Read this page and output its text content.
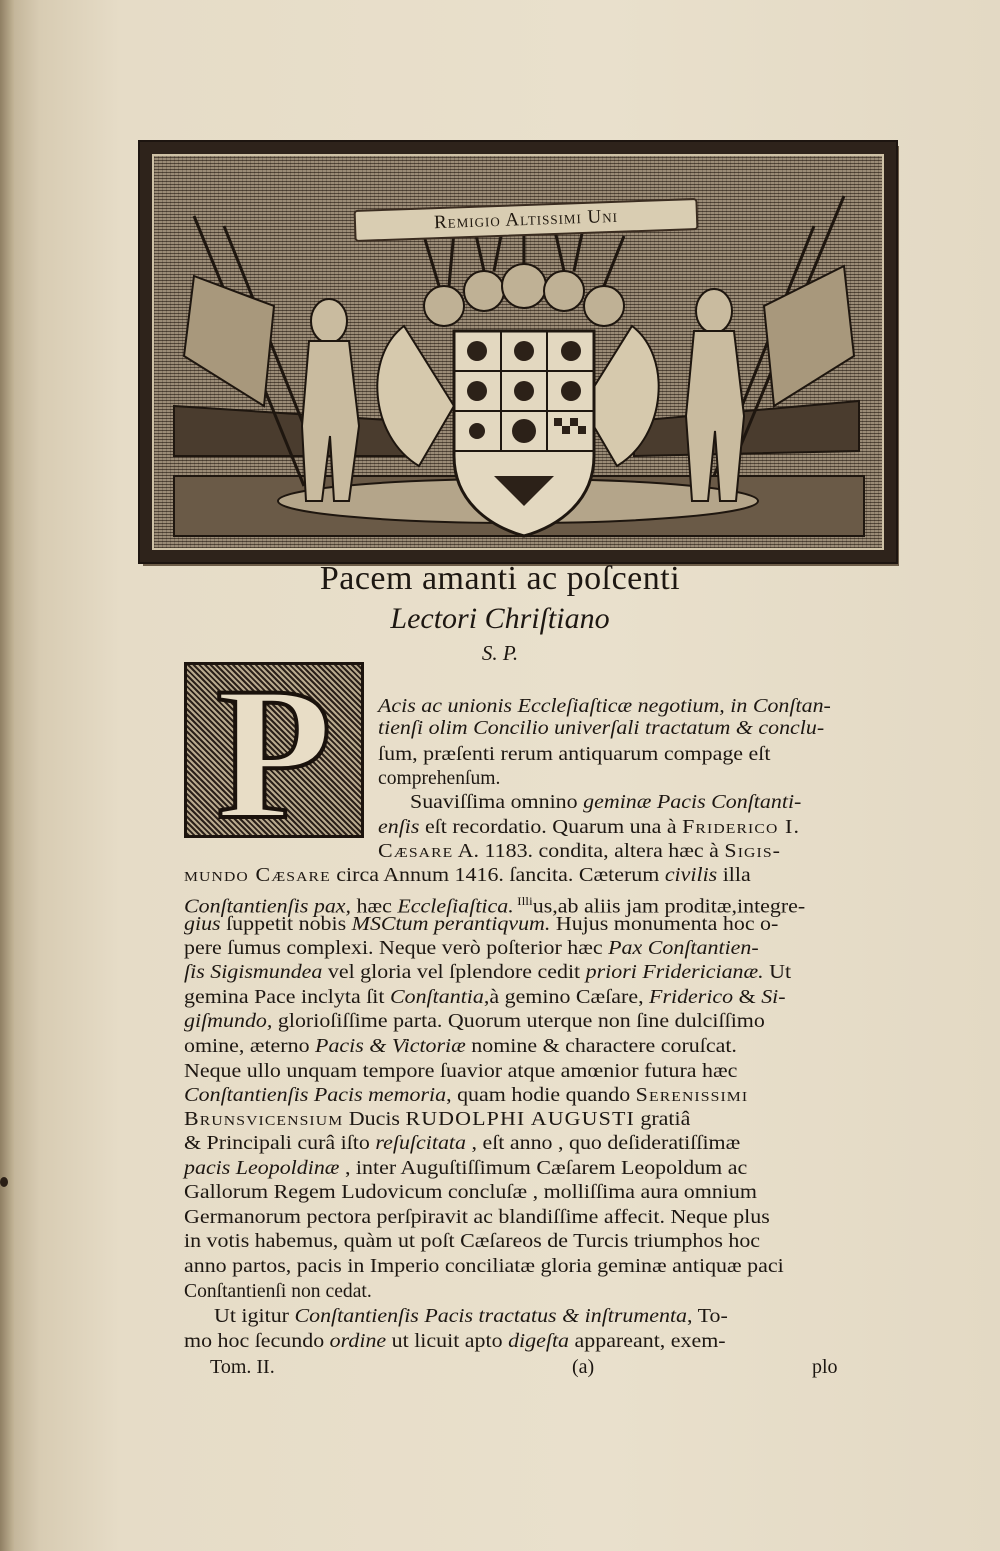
Remigio Altissimi Uni
Pacem amanti ac poſcenti
Lectori Chriſtiano
S. P.
P Acis ac unionis Eccleſiaſticæ negotium, in Conſtan-
tienſi olim Concilio univerſali tractatum & conclu-
ſum, præſenti rerum antiquarum compage eſt
comprehenſum.
Suaviſſima omnino geminæ Pacis Conſtanti-
enſis eſt recordatio. Quarum una à Friderico I.
Cæsare A. 1183. condita, altera hæc à Sigis-
mundo Cæsare circa Annum 1416. ſancita. Cæterum civilis illa
Conſtantienſis pax, hæc Eccleſiaſtica. $^{Illi}$us,ab aliis jam proditæ,integre-
gius ſuppetit nobis MSCtum perantiqvum. Hujus monumenta hoc o-
pere ſumus complexi. Neque verò poſterior hæc Pax Conſtantien-
ſis Sigismundea vel gloria vel ſplendore cedit priori Fridericianæ. Ut
gemina Pace inclyta ſit Conſtantia,à gemino Cæſare, Friderico & Si-
giſmundo, glorioſiſſime parta. Quorum uterque non ſine dulciſſimo
omine, æterno Pacis & Victoriæ nomine & charactere coruſcat.
Neque ullo unquam tempore ſuavior atque amœnior futura hæc
Conſtantienſis Pacis memoria, quam hodie quando Serenissimi
Brunsvicensium Ducis RUDOLPHI AUGUSTI gratiâ
& Principali curâ iſto reſuſcitata , eſt anno , quo deſideratiſſimæ
pacis Leopoldinæ , inter Auguſtiſſimum Cæſarem Leopoldum ac
Gallorum Regem Ludovicum concluſæ , molliſſima aura omnium
Germanorum pectora perſpiravit ac blandiſſime affecit. Neque plus
in votis habemus, quàm ut poſt Cæſareos de Turcis triumphos hoc
anno partos, pacis in Imperio conciliatæ gloria geminæ antiquæ paci
Conſtantienſi non cedat.
Ut igitur Conſtantienſis Pacis tractatus & inſtrumenta, To-
mo hoc ſecundo ordine ut licuit apto digeſta appareant, exem-
Tom. II.	(a)	plo
